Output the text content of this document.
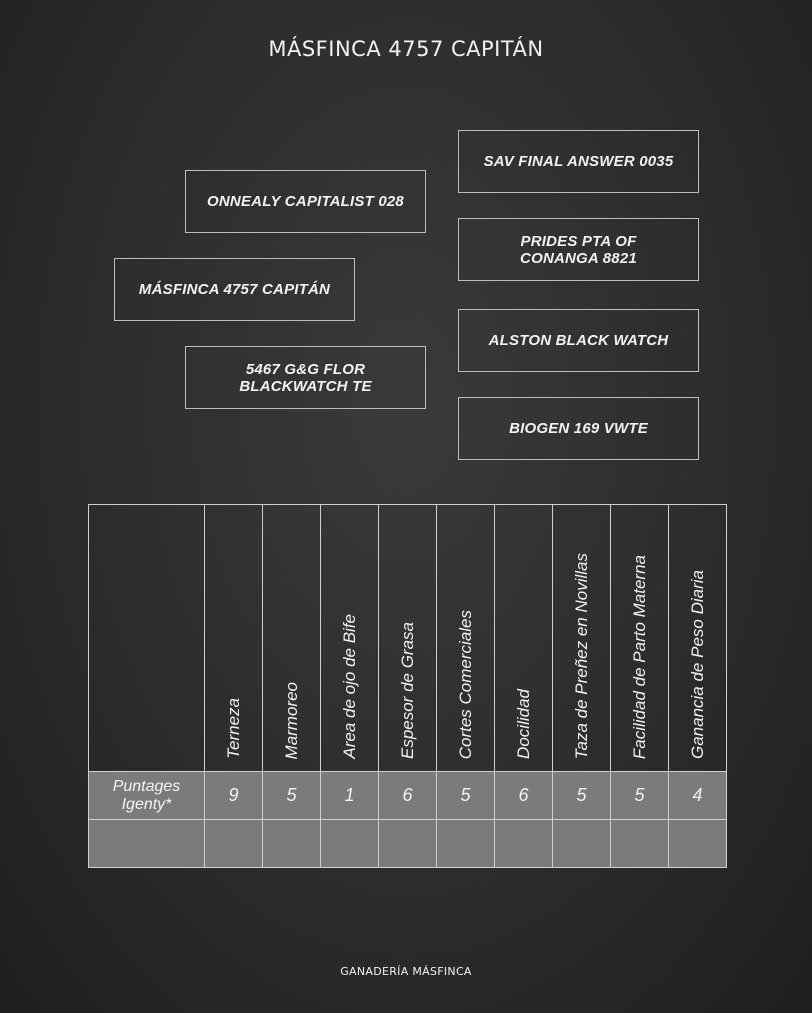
MÁSFINCA 4757 CAPITÁN
SAV FINAL ANSWER 0035
ONNEALY CAPITALIST 028
PRIDES PTA OF
CONANGA 8821
MÁSFINCA 4757 CAPITÁN
ALSTON BLACK WATCH
5467 G&G FLOR
BLACKWATCH TE
BIOGEN 169 VWTE

	Terneza	Marmoreo	Area de ojo de Bife	Espesor de Grasa	Cortes Comerciales	Docilidad	Taza de Preñez en Novillas	Facilidad de Parto Materna	Ganancia de Peso Diaria

Puntages Igenty*	9	5	1	6	5	6	5	5	4

GANADERÍA MÁSFINCA
